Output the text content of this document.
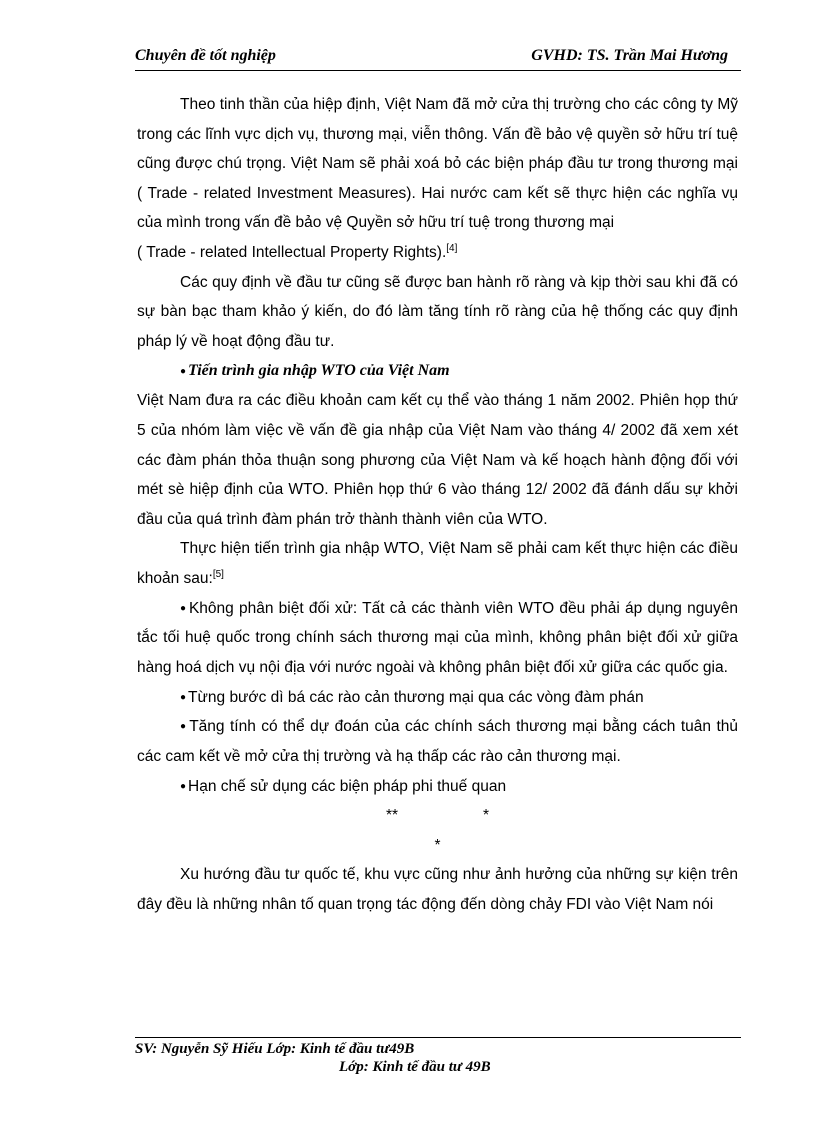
Chuyên đề tốt nghiệp	GVHD: TS. Trần Mai Hương

Theo tinh thần của hiệp định, Việt Nam đã mở cửa thị trường cho các công ty Mỹ trong các lĩnh vực dịch vụ, thương mại, viễn thông. Vấn đề bảo vệ quyền sở hữu trí tuệ cũng được chú trọng. Việt Nam sẽ phải xoá bỏ các biện pháp đầu tư trong thương mại ( Trade - related Investment Measures). Hai nước cam kết sẽ thực hiện các nghĩa vụ của mình trong vấn đề bảo vệ Quyền sở hữu trí tuệ trong thương mại

( Trade - related Intellectual Property Rights).[4]

Các quy định về đầu tư cũng sẽ được ban hành rõ ràng và kịp thời sau khi đã có sự bàn bạc tham khảo ý kiến, do đó làm tăng tính rõ ràng của hệ thống các quy định pháp lý về hoạt động đầu tư.

● Tiến trình gia nhập WTO của Việt Nam

Việt Nam đưa ra các điều khoản cam kết cụ thể vào tháng 1 năm 2002. Phiên họp thứ 5 của nhóm làm việc về vấn đề gia nhập của Việt Nam vào tháng 4/ 2002 đã xem xét các đàm phán thỏa thuận song phương của Việt Nam và kế hoạch hành động đối với mét sè hiệp định của WTO. Phiên họp thứ 6 vào tháng 12/ 2002 đã đánh dấu sự khởi đầu của quá trình đàm phán trở thành thành viên của WTO.

Thực hiện tiến trình gia nhập WTO, Việt Nam sẽ phải cam kết thực hiện các điều khoản sau:[5]

● Không phân biệt đối xử: Tất cả các thành viên WTO đều phải áp dụng nguyên tắc tối huệ quốc trong chính sách thương mại của mình, không phân biệt đối xử giữa hàng hoá dịch vụ nội địa với nước ngoài và không phân biệt đối xử giữa các quốc gia.

● Từng bước dì bá các rào cản thương mại qua các vòng đàm phán

● Tăng tính có thể dự đoán của các chính sách thương mại bằng cách tuân thủ các cam kết về mở cửa thị trường và hạ thấp các rào cản thương mại.

● Hạn chế sử dụng các biện pháp phi thuế quan

**	*

*

Xu hướng đầu tư quốc tế, khu vực cũng như ảnh hưởng của những sự kiện trên đây đều là những nhân tố quan trọng tác động đến dòng chảy FDI vào Việt Nam nói

SV: Nguyễn Sỹ Hiếu Lớp: Kinh tế đầu tư49B
Lớp: Kinh tế đầu tư 49B
